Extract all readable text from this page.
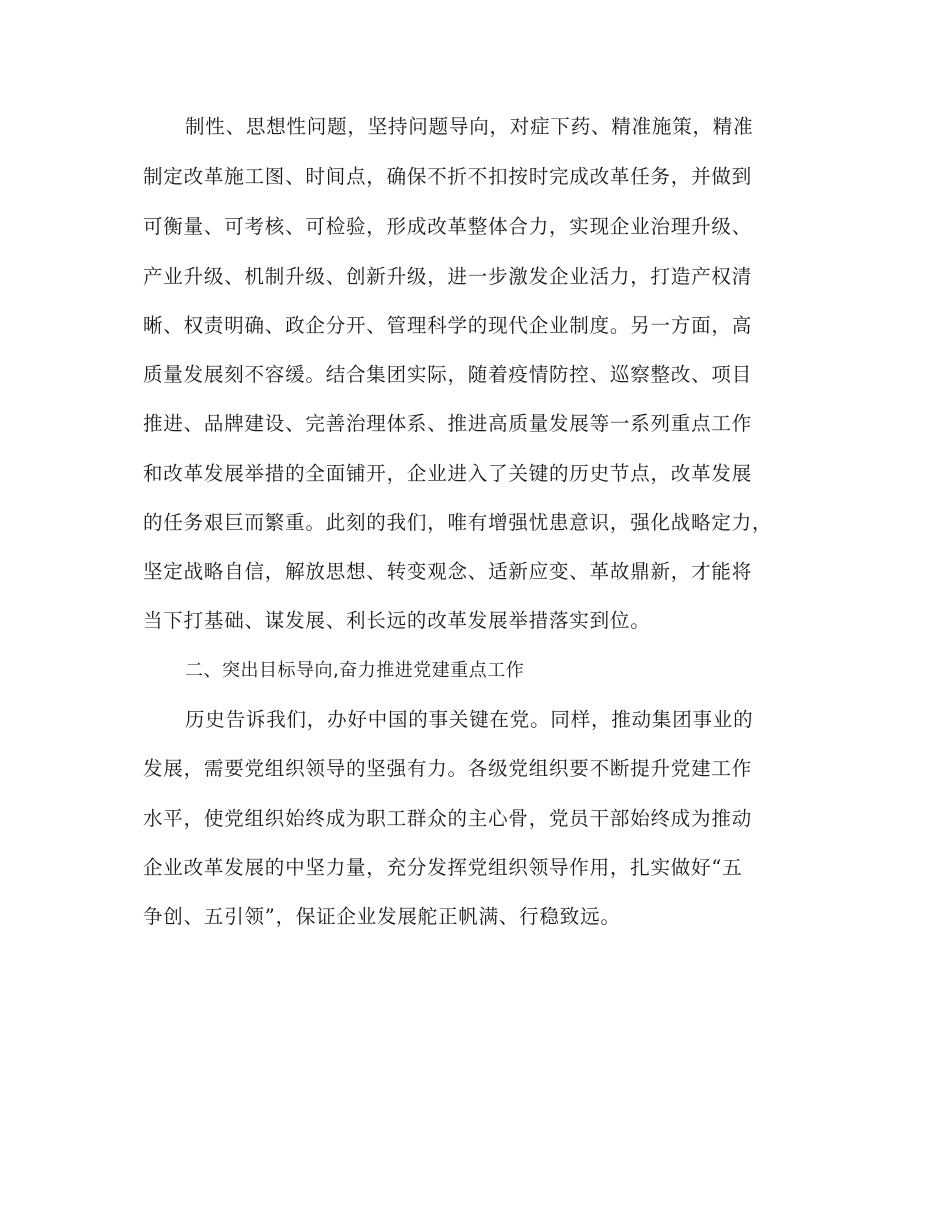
制性、思想性问题，坚持问题导向，对症下药、精准施策，精准

制定改革施工图、时间点，确保不折不扣按时完成改革任务，并做到

可衡量、可考核、可检验，形成改革整体合力，实现企业治理升级、

产业升级、机制升级、创新升级，进一步激发企业活力，打造产权清

晰、权责明确、政企分开、管理科学的现代企业制度。另一方面，高

质量发展刻不容缓。结合集团实际，随着疫情防控、巡察整改、项目

推进、品牌建设、完善治理体系、推进高质量发展等一系列重点工作

和改革发展举措的全面铺开，企业进入了关键的历史节点，改革发展

的任务艰巨而繁重。此刻的我们，唯有增强忧患意识，强化战略定力，

坚定战略自信，解放思想、转变观念、适新应变、革故鼎新，才能将

当下打基础、谋发展、利长远的改革发展举措落实到位。

二、突出目标导向,奋力推进党建重点工作

历史告诉我们，办好中国的事关键在党。同样，推动集团事业的

发展，需要党组织领导的坚强有力。各级党组织要不断提升党建工作

水平，使党组织始终成为职工群众的主心骨，党员干部始终成为推动

企业改革发展的中坚力量，充分发挥党组织领导作用，扎实做好“五

争创、五引领”，保证企业发展舵正帆满、行稳致远。
